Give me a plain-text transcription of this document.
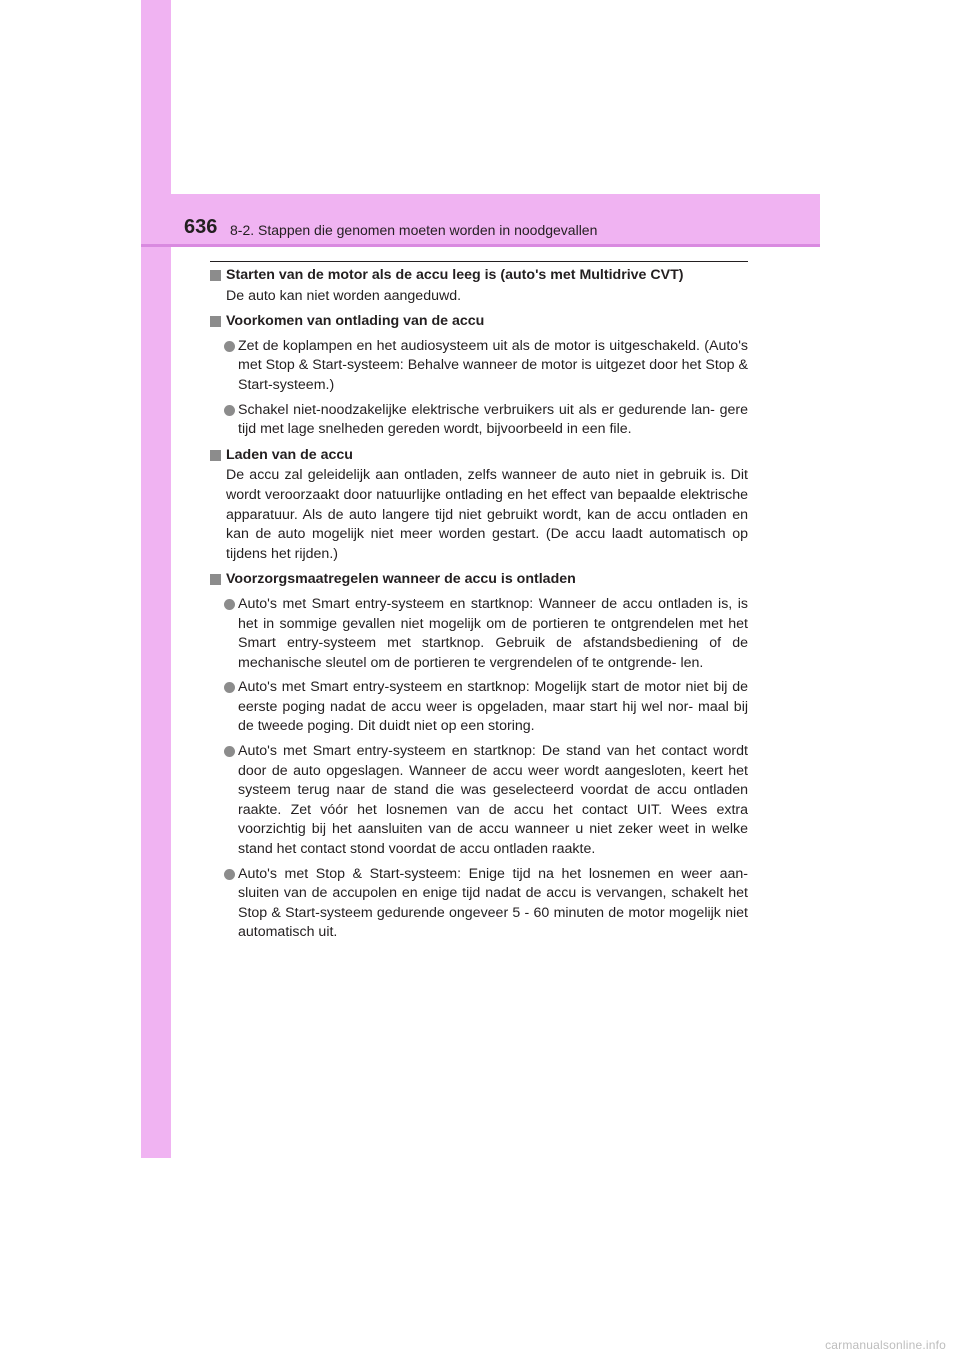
636 8-2. Stappen die genomen moeten worden in noodgevallen
Starten van de motor als de accu leeg is (auto's met Multidrive CVT)
De auto kan niet worden aangeduwd.
Voorkomen van ontlading van de accu
Zet de koplampen en het audiosysteem uit als de motor is uitgeschakeld. (Auto's met Stop & Start-systeem: Behalve wanneer de motor is uitgezet door het Stop & Start-systeem.)
Schakel niet-noodzakelijke elektrische verbruikers uit als er gedurende lan- gere tijd met lage snelheden gereden wordt, bijvoorbeeld in een file.
Laden van de accu
De accu zal geleidelijk aan ontladen, zelfs wanneer de auto niet in gebruik is. Dit wordt veroorzaakt door natuurlijke ontlading en het effect van bepaalde elektrische apparatuur. Als de auto langere tijd niet gebruikt wordt, kan de accu ontladen en kan de auto mogelijk niet meer worden gestart. (De accu laadt automatisch op tijdens het rijden.)
Voorzorgsmaatregelen wanneer de accu is ontladen
Auto's met Smart entry-systeem en startknop: Wanneer de accu ontladen is, is het in sommige gevallen niet mogelijk om de portieren te ontgrendelen met het Smart entry-systeem met startknop. Gebruik de afstandsbediening of de mechanische sleutel om de portieren te vergrendelen of te ontgrende- len.
Auto's met Smart entry-systeem en startknop: Mogelijk start de motor niet bij de eerste poging nadat de accu weer is opgeladen, maar start hij wel nor- maal bij de tweede poging. Dit duidt niet op een storing.
Auto's met Smart entry-systeem en startknop: De stand van het contact wordt door de auto opgeslagen. Wanneer de accu weer wordt aangesloten, keert het systeem terug naar de stand die was geselecteerd voordat de accu ontladen raakte. Zet vóór het losnemen van de accu het contact UIT. Wees extra voorzichtig bij het aansluiten van de accu wanneer u niet zeker weet in welke stand het contact stond voordat de accu ontladen raakte.
Auto's met Stop & Start-systeem: Enige tijd na het losnemen en weer aan- sluiten van de accupolen en enige tijd nadat de accu is vervangen, schakelt het Stop & Start-systeem gedurende ongeveer 5 - 60 minuten de motor mogelijk niet automatisch uit.
carmanualsonline.info
